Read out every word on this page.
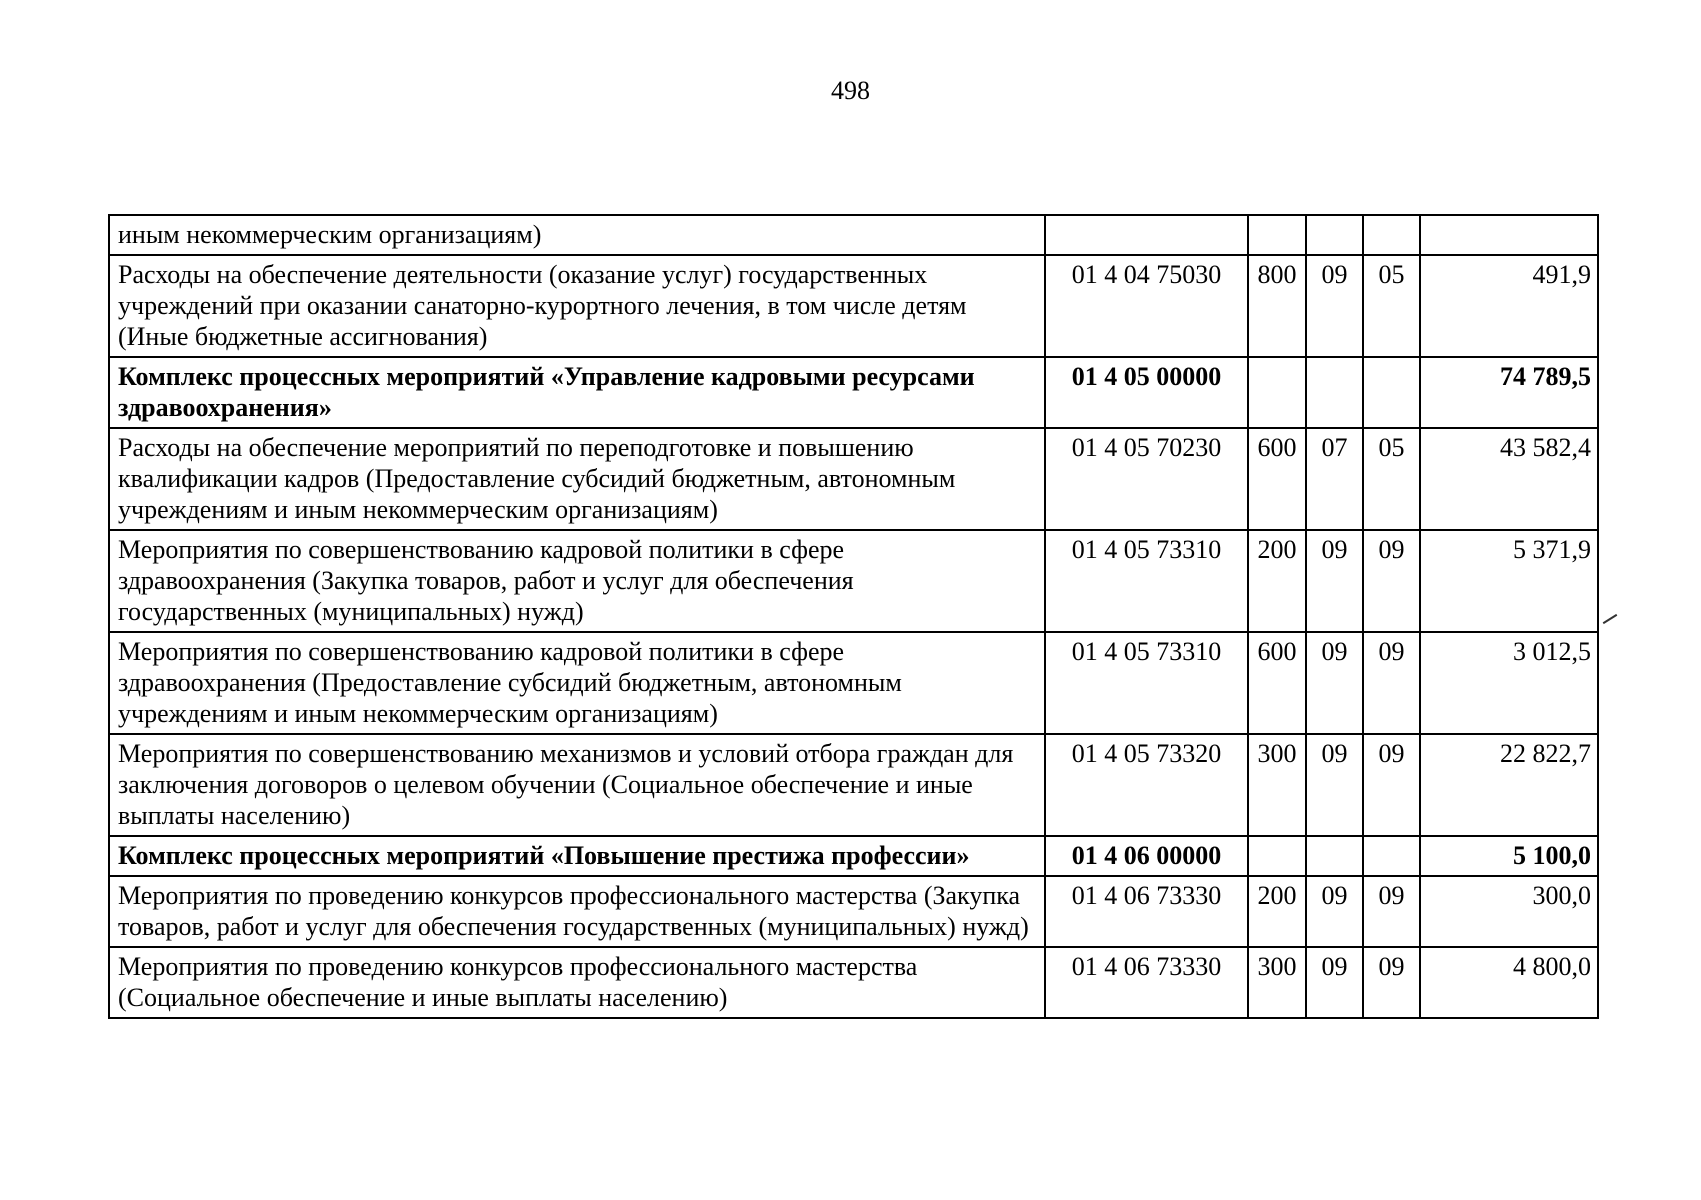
498
иным некоммерческим организациям)					
Расходы на обеспечение деятельности (оказание услуг) государственных учреждений при оказании санаторно-курортного лечения, в том числе детям (Иные бюджетные ассигнования)	01 4 04 75030	800	09	05	491,9
Комплекс процессных мероприятий «Управление кадровыми ресурсами здравоохранения»	01 4 05 00000				74 789,5
Расходы на обеспечение мероприятий по переподготовке и повышению квалификации кадров (Предоставление субсидий бюджетным, автономным учреждениям и иным некоммерческим организациям)	01 4 05 70230	600	07	05	43 582,4
Мероприятия по совершенствованию кадровой политики в сфере здравоохранения (Закупка товаров, работ и услуг для обеспечения государственных (муниципальных) нужд)	01 4 05 73310	200	09	09	5 371,9
Мероприятия по совершенствованию кадровой политики в сфере здравоохранения (Предоставление субсидий бюджетным, автономным учреждениям и иным некоммерческим организациям)	01 4 05 73310	600	09	09	3 012,5
Мероприятия по совершенствованию механизмов и условий отбора граждан для заключения договоров о целевом обучении (Социальное обеспечение и иные выплаты населению)	01 4 05 73320	300	09	09	22 822,7
Комплекс процессных мероприятий «Повышение престижа профессии»	01 4 06 00000				5 100,0
Мероприятия по проведению конкурсов профессионального мастерства (Закупка товаров, работ и услуг для обеспечения государственных (муниципальных) нужд)	01 4 06 73330	200	09	09	300,0
Мероприятия по проведению конкурсов профессионального мастерства (Социальное обеспечение и иные выплаты населению)	01 4 06 73330	300	09	09	4 800,0
